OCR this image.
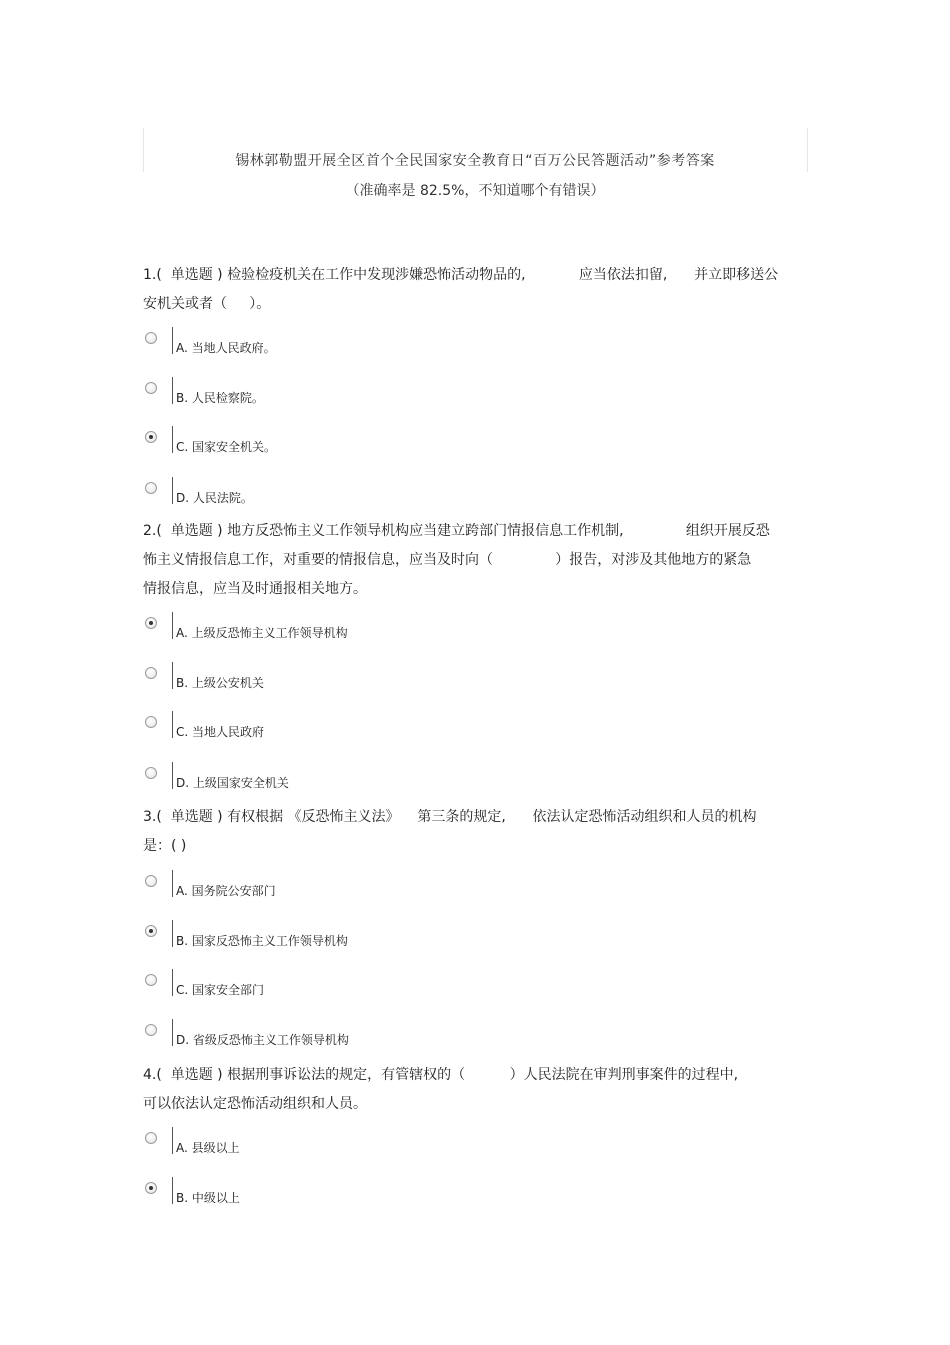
锡林郭勒盟开展全区首个全民国家安全教育日“百万公民答题活动”参考答案
（准确率是 82.5%，不知道哪个有错误）
1.(  单选题 ) 检验检疫机关在工作中发现涉嫌恐怖活动物品的,            应当依法扣留,      并立即移送公
安机关或者（     ）。
A. 当地人民政府。
B. 人民检察院。
C. 国家安全机关。
D. 人民法院。
2.(  单选题 ) 地方反恐怖主义工作领导机构应当建立跨部门情报信息工作机制,              组织开展反恐
怖主义情报信息工作，对重要的情报信息，应当及时向（              ）报告，对涉及其他地方的紧急
情报信息，应当及时通报相关地方。
A. 上级反恐怖主义工作领导机构
B. 上级公安机关
C. 当地人民政府
D. 上级国家安全机关
3.(  单选题 ) 有权根据 《反恐怖主义法》    第三条的规定,      依法认定恐怖活动组织和人员的机构
是：( )
A. 国务院公安部门
B. 国家反恐怖主义工作领导机构
C. 国家安全部门
D. 省级反恐怖主义工作领导机构
4.(  单选题 ) 根据刑事诉讼法的规定，有管辖权的（          ）人民法院在审判刑事案件的过程中,
可以依法认定恐怖活动组织和人员。
A. 县级以上
B. 中级以上
